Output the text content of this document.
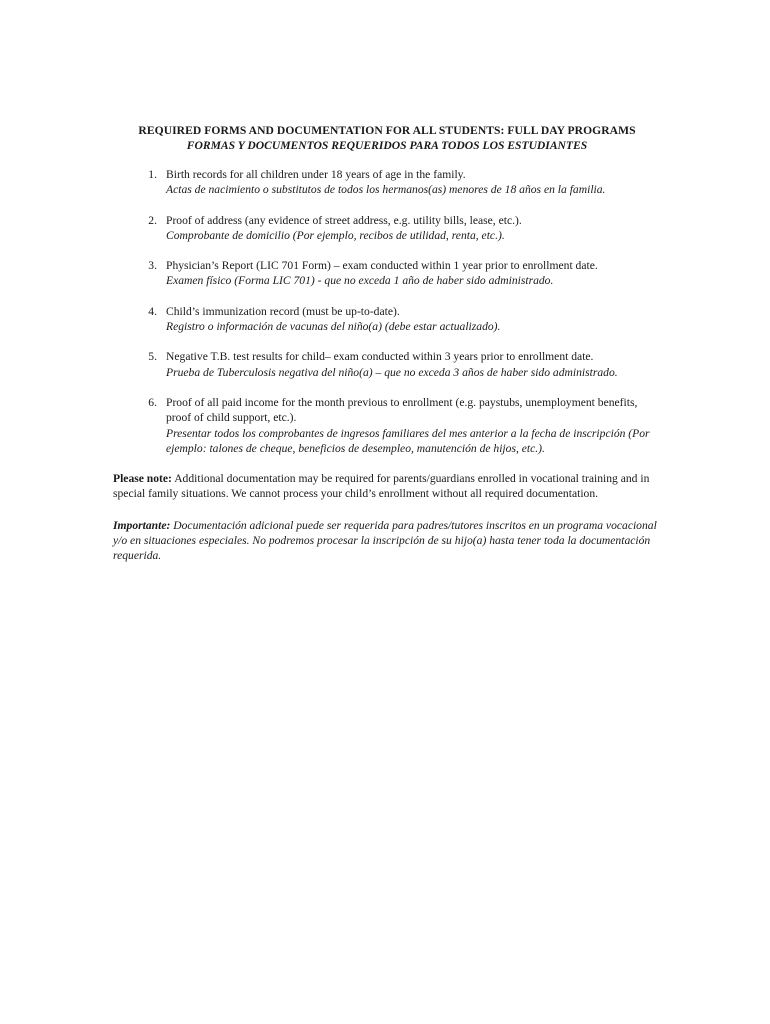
REQUIRED FORMS AND DOCUMENTATION FOR ALL STUDENTS: FULL DAY PROGRAMS

FORMAS Y DOCUMENTOS REQUERIDOS PARA TODOS LOS ESTUDIANTES

1. Birth records for all children under 18 years of age in the family.
Actas de nacimiento o substitutos de todos los hermanos(as) menores de 18 años en la familia.
2. Proof of address (any evidence of street address, e.g. utility bills, lease, etc.).
Comprobante de domicilio (Por ejemplo, recibos de utilidad, renta, etc.).
3. Physician’s Report (LIC 701 Form) – exam conducted within 1 year prior to enrollment date.
Examen físico (Forma LIC 701) - que no exceda 1 año de haber sido administrado.
4. Child’s immunization record (must be up-to-date).
Registro o información de vacunas del niño(a) (debe estar actualizado).
5. Negative T.B. test results for child– exam conducted within 3 years prior to enrollment date.
Prueba de Tuberculosis negativa del niño(a) – que no exceda 3 años de haber sido administrado.
6. Proof of all paid income for the month previous to enrollment (e.g. paystubs, unemployment benefits, proof of child support, etc.).
Presentar todos los comprobantes de ingresos familiares del mes anterior a la fecha de inscripción (Por ejemplo: talones de cheque, beneficios de desempleo, manutención de hijos, etc.).

Please note: Additional documentation may be required for parents/guardians enrolled in vocational training and in special family situations. We cannot process your child’s enrollment without all required documentation.

Importante: Documentación adicional puede ser requerida para padres/tutores inscritos en un programa vocacional y/o en situaciones especiales. No podremos procesar la inscripción de su hijo(a) hasta tener toda la documentación requerida.
